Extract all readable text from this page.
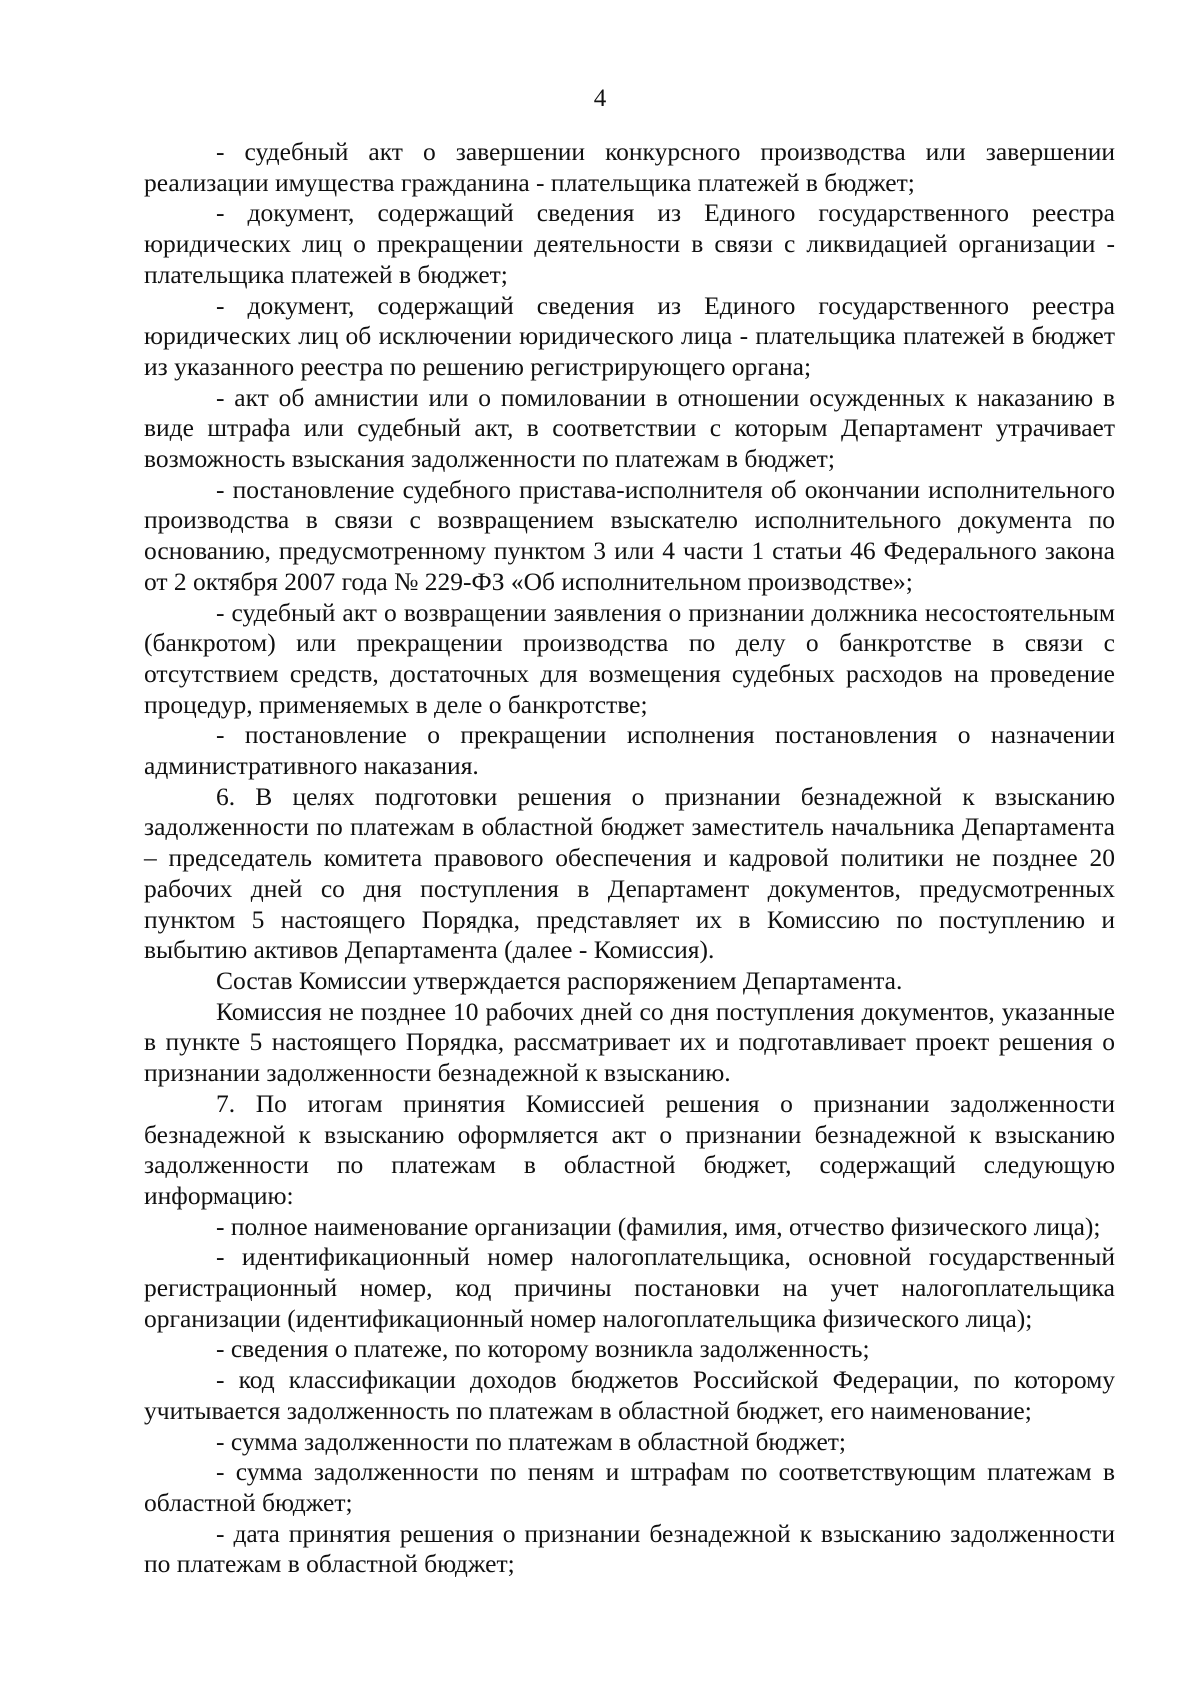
4

- судебный акт о завершении конкурсного производства или завершении реализации имущества гражданина - плательщика платежей в бюджет;

- документ, содержащий сведения из Единого государственного реестра юридических лиц о прекращении деятельности в связи с ликвидацией организации - плательщика платежей в бюджет;

- документ, содержащий сведения из Единого государственного реестра юридических лиц об исключении юридического лица - плательщика платежей в бюджет из указанного реестра по решению регистрирующего органа;

- акт об амнистии или о помиловании в отношении осужденных к наказанию в виде штрафа или судебный акт, в соответствии с которым Департамент утрачивает возможность взыскания задолженности по платежам в бюджет;

- постановление судебного пристава-исполнителя об окончании исполнительного производства в связи с возвращением взыскателю исполнительного документа по основанию, предусмотренному пунктом 3 или 4 части 1 статьи 46 Федерального закона от 2 октября 2007 года № 229-ФЗ «Об исполнительном производстве»;

- судебный акт о возвращении заявления о признании должника несостоятельным (банкротом) или прекращении производства по делу о банкротстве в связи с отсутствием средств, достаточных для возмещения судебных расходов на проведение процедур, применяемых в деле о банкротстве;

- постановление о прекращении исполнения постановления о назначении административного наказания.

6. В целях подготовки решения о признании безнадежной к взысканию задолженности по платежам в областной бюджет заместитель начальника Департамента – председатель комитета правового обеспечения и кадровой политики не позднее 20 рабочих дней со дня поступления в Департамент документов, предусмотренных пунктом 5 настоящего Порядка, представляет их в Комиссию по поступлению и выбытию активов Департамента (далее - Комиссия).

Состав Комиссии утверждается распоряжением Департамента.

Комиссия не позднее 10 рабочих дней со дня поступления документов, указанные в пункте 5 настоящего Порядка, рассматривает их и подготавливает проект решения о признании задолженности безнадежной к взысканию.

7. По итогам принятия Комиссией решения о признании задолженности безнадежной к взысканию оформляется акт о признании безнадежной к взысканию задолженности по платежам в областной бюджет, содержащий следующую информацию:

- полное наименование организации (фамилия, имя, отчество физического лица);

- идентификационный номер налогоплательщика, основной государственный регистрационный номер, код причины постановки на учет налогоплательщика организации (идентификационный номер налогоплательщика физического лица);

- сведения о платеже, по которому возникла задолженность;

- код классификации доходов бюджетов Российской Федерации, по которому учитывается задолженность по платежам в областной бюджет, его наименование;

- сумма задолженности по платежам в областной бюджет;

- сумма задолженности по пеням и штрафам по соответствующим платежам в областной бюджет;

- дата принятия решения о признании безнадежной к взысканию задолженности по платежам в областной бюджет;
